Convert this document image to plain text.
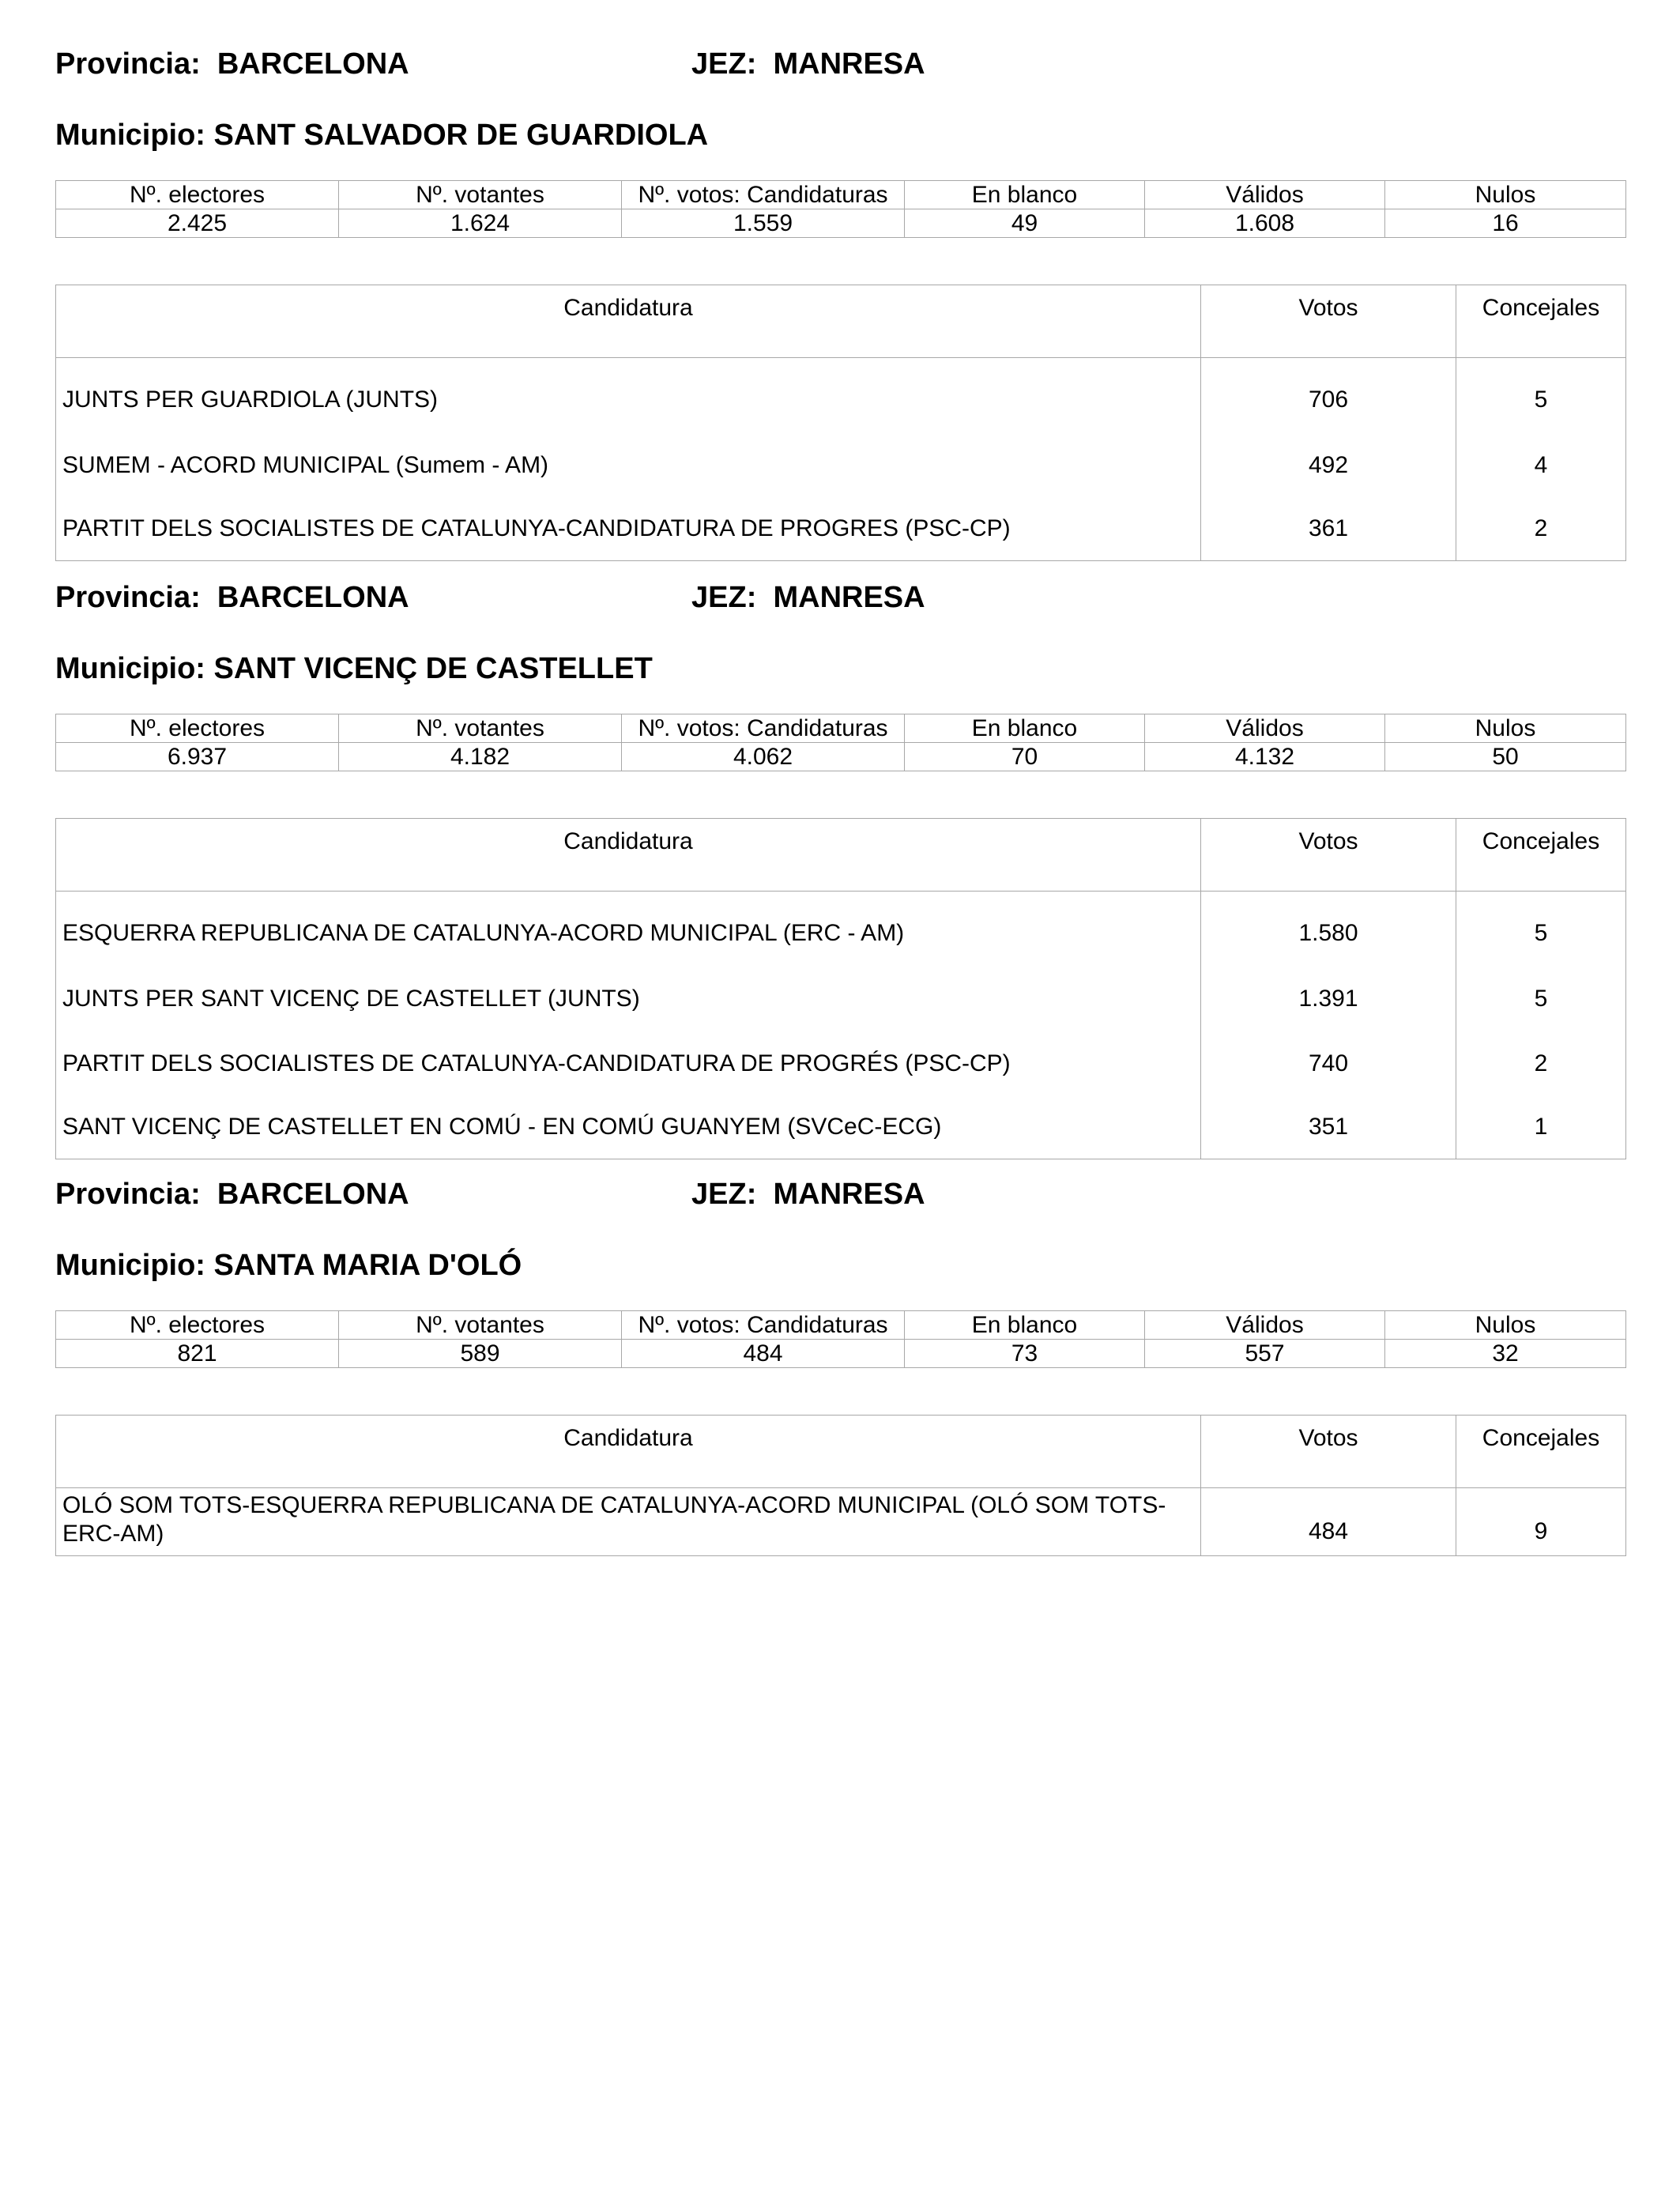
Provincia: BARCELONA	JEZ: MANRESA
Municipio: SANT SALVADOR DE GUARDIOLA
Nº. electores	Nº. votantes	Nº. votos: Candidaturas	En blanco	Válidos	Nulos
2.425	1.624	1.559	49	1.608	16
Candidatura	Votos	Concejales
JUNTS PER GUARDIOLA (JUNTS)	706	5
SUMEM - ACORD MUNICIPAL (Sumem - AM)	492	4
PARTIT DELS SOCIALISTES DE CATALUNYA-CANDIDATURA DE PROGRES (PSC-CP)	361	2
Provincia: BARCELONA	JEZ: MANRESA
Municipio: SANT VICENÇ DE CASTELLET
Nº. electores	Nº. votantes	Nº. votos: Candidaturas	En blanco	Válidos	Nulos
6.937	4.182	4.062	70	4.132	50
Candidatura	Votos	Concejales
ESQUERRA REPUBLICANA DE CATALUNYA-ACORD MUNICIPAL (ERC - AM)	1.580	5
JUNTS PER SANT VICENÇ DE CASTELLET (JUNTS)	1.391	5
PARTIT DELS SOCIALISTES DE CATALUNYA-CANDIDATURA DE PROGRÉS (PSC-CP)	740	2
SANT VICENÇ DE CASTELLET EN COMÚ - EN COMÚ GUANYEM (SVCeC-ECG)	351	1
Provincia: BARCELONA	JEZ: MANRESA
Municipio: SANTA MARIA D'OLÓ
Nº. electores	Nº. votantes	Nº. votos: Candidaturas	En blanco	Válidos	Nulos
821	589	484	73	557	32
Candidatura	Votos	Concejales
OLÓ SOM TOTS-ESQUERRA REPUBLICANA DE CATALUNYA-ACORD MUNICIPAL (OLÓ SOM TOTS-ERC-AM)	484	9
